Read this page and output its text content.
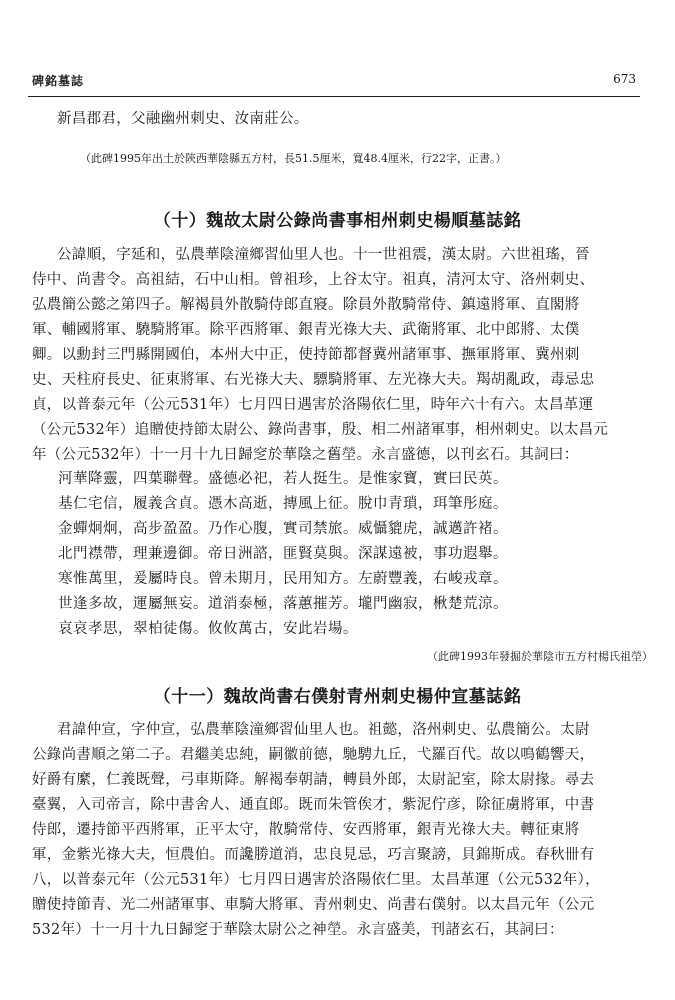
碑銘墓誌	673
新昌郡君，父融幽州刺史、汝南莊公。
（此碑1995年出土於陝西華陰縣五方村，長51.5厘米，寬48.4厘米，行22字，正書。）
（十）魏故太尉公錄尚書事相州刺史楊順墓誌銘
公諱順，字延和，弘農華陰潼鄉習仙里人也。十一世祖震，漢太尉。六世祖瑤，晉
侍中、尚書令。高祖結，石中山相。曾祖珍，上谷太守。祖真，清河太守、洛州刺史、
弘農簡公懿之第四子。解褐員外散騎侍郎直寢。除員外散騎常侍、鎮遠將軍、直閣將
軍、輔國將軍、驍騎將軍。除平西將軍、銀青光祿大夫、武衛將軍、北中郎將、太僕
卿。以勳封三門縣開國伯，本州大中正，使持節都督冀州諸軍事、撫軍將軍、冀州刺
史、天柱府長史、征東將軍、右光祿大夫、驃騎將軍、左光祿大夫。羯胡亂政，毒忌忠
貞，以普泰元年（公元531年）七月四日遇害於洛陽依仁里，時年六十有六。太昌革運
（公元532年）追贈使持節太尉公、錄尚書事，殷、相二州諸軍事，相州刺史。以太昌元
年（公元532年）十一月十九日歸窆於華陰之舊塋。永言盛德，以刊玄石。其詞曰：
河華降靈，四葉聯聲。盛德必祀，若人挺生。是惟家寶，實曰民英。
基仁宅信，履義含貞。憑木高逝，摶風上征。脫巾青瑣，珥筆彤庭。
金蟬炯炯，高步盈盈。乃作心腹，實司禁旅。威懾貔虎，誠邁許褚。
北門襟帶，理兼邊御。帝日洲諮，匪賢莫與。深謀遠被，事功遐舉。
寒惟萬里，爰屬時良。曾未期月，民用知方。左蔚豐義，右峻戎章。
世逢多故，運屬無妄。道消泰極，落蕙摧芳。壠門幽寂，楸楚荒涼。
哀哀孝思，翠柏徒傷。攸攸萬古，安此岩場。
（此碑1993年發掘於華陰市五方村楊氏祖塋）
（十一）魏故尚書右僕射青州刺史楊仲宣墓誌銘
君諱仲宣，字仲宣，弘農華陰潼鄉習仙里人也。祖懿，洛州刺史、弘農簡公。太尉
公錄尚書順之第二子。君繼美忠純，嗣徽前德，馳騁九丘，弋羅百代。故以鳴鶴響天，
好爵有縻，仁義既聲，弓車斯降。解褐奉朝請，轉員外郎，太尉記室，除太尉掾。尋去
臺翼，入司帝言，除中書舍人、通直郎。既而朱管俟才，紫泥佇彦，除征虜將軍，中書
侍郎，遷持節平西將軍，正平太守，散騎常侍、安西將軍，銀青光祿大夫。轉征東將
軍，金紫光祿大夫，恒農伯。而讒勝道消，忠良見忌，巧言聚謗，貝錦斯成。春秋卌有
八，以普泰元年（公元531年）七月四日遇害於洛陽依仁里。太昌革運（公元532年），
贈使持節青、光二州諸軍事、車騎大將軍、青州刺史、尚書右僕射。以太昌元年（公元
532年）十一月十九日歸窆于華陰太尉公之神塋。永言盛美，刊諸玄石，其詞曰：
